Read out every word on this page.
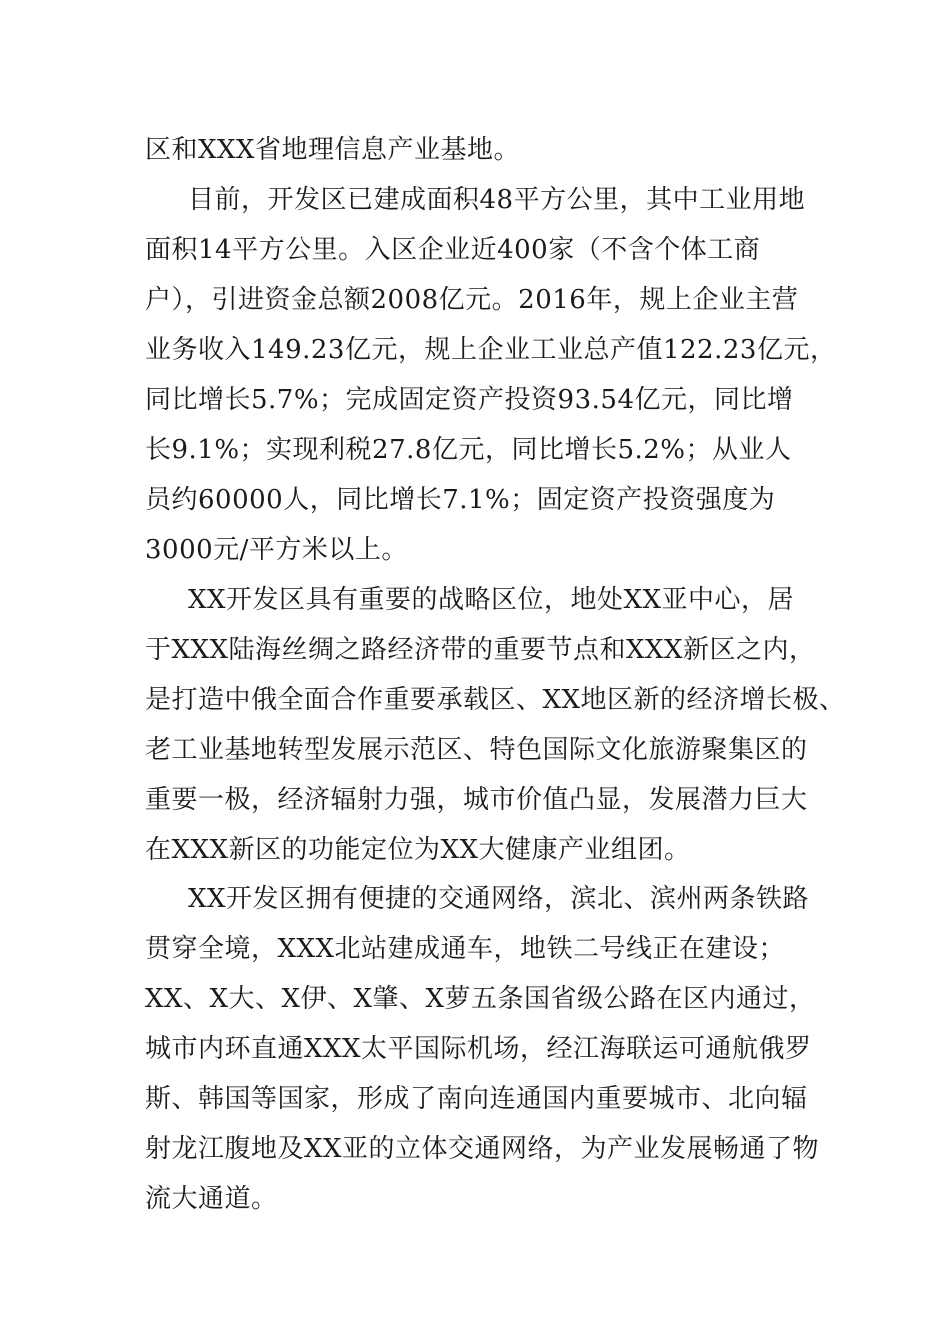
区和XXX省地理信息产业基地。
目前，开发区已建成面积48平方公里，其中工业用地
面积14平方公里。入区企业近400家（不含个体工商
户），引进资金总额2008亿元。2016年，规上企业主营
业务收入149.23亿元，规上企业工业总产值122.23亿元，
同比增长5.7%；完成固定资产投资93.54亿元，同比增
长9.1%；实现利税27.8亿元，同比增长5.2%；从业人
员约60000人，同比增长7.1%；固定资产投资强度为
3000元/平方米以上。
XX开发区具有重要的战略区位，地处XX亚中心，居
于XXX陆海丝绸之路经济带的重要节点和XXX新区之内，
是打造中俄全面合作重要承载区、XX地区新的经济增长极、
老工业基地转型发展示范区、特色国际文化旅游聚集区的
重要一极，经济辐射力强，城市价值凸显，发展潜力巨大
在XXX新区的功能定位为XX大健康产业组团。
XX开发区拥有便捷的交通网络，滨北、滨州两条铁路
贯穿全境，XXX北站建成通车，地铁二号线正在建设；
XX、X大、X伊、X肇、X萝五条国省级公路在区内通过，
城市内环直通XXX太平国际机场，经江海联运可通航俄罗
斯、韩国等国家，形成了南向连通国内重要城市、北向辐
射龙江腹地及XX亚的立体交通网络，为产业发展畅通了物
流大通道。
